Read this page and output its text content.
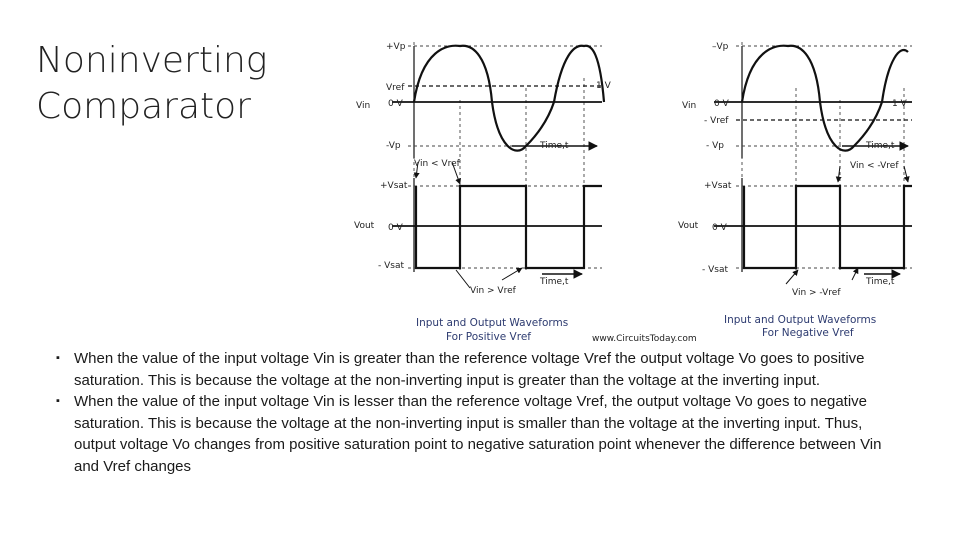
Noninverting
Comparator
+Vp
Vref
0 V
Vin
1 V
-Vp	Time,t
Vin < Vref
+Vsat
Vout 0 V
- Vsat
Vin > Vref
Time,t
Input and Output Waveforms
For Positive Vref
–Vp
Vin 0 V
- Vref
- Vp
1 V
Time,t
Vin < -Vref
+Vsat
Vout 0 V
- Vsat
Vin > -Vref
Time,t
Input and Output Waveforms
For Negative Vref
www.CircuitsToday.com
▪ When the value of the input voltage Vin is greater than the reference voltage Vref the output voltage Vo goes to positive saturation. This is because the voltage at the non-inverting input is greater than the voltage at the inverting input.
▪ When the value of the input voltage Vin is lesser than the reference voltage Vref, the output voltage Vo goes to negative saturation. This is because the voltage at the non-inverting input is smaller than the voltage at the inverting input. Thus, output voltage Vo changes from positive saturation point to negative saturation point whenever the difference between Vin and Vref changes
